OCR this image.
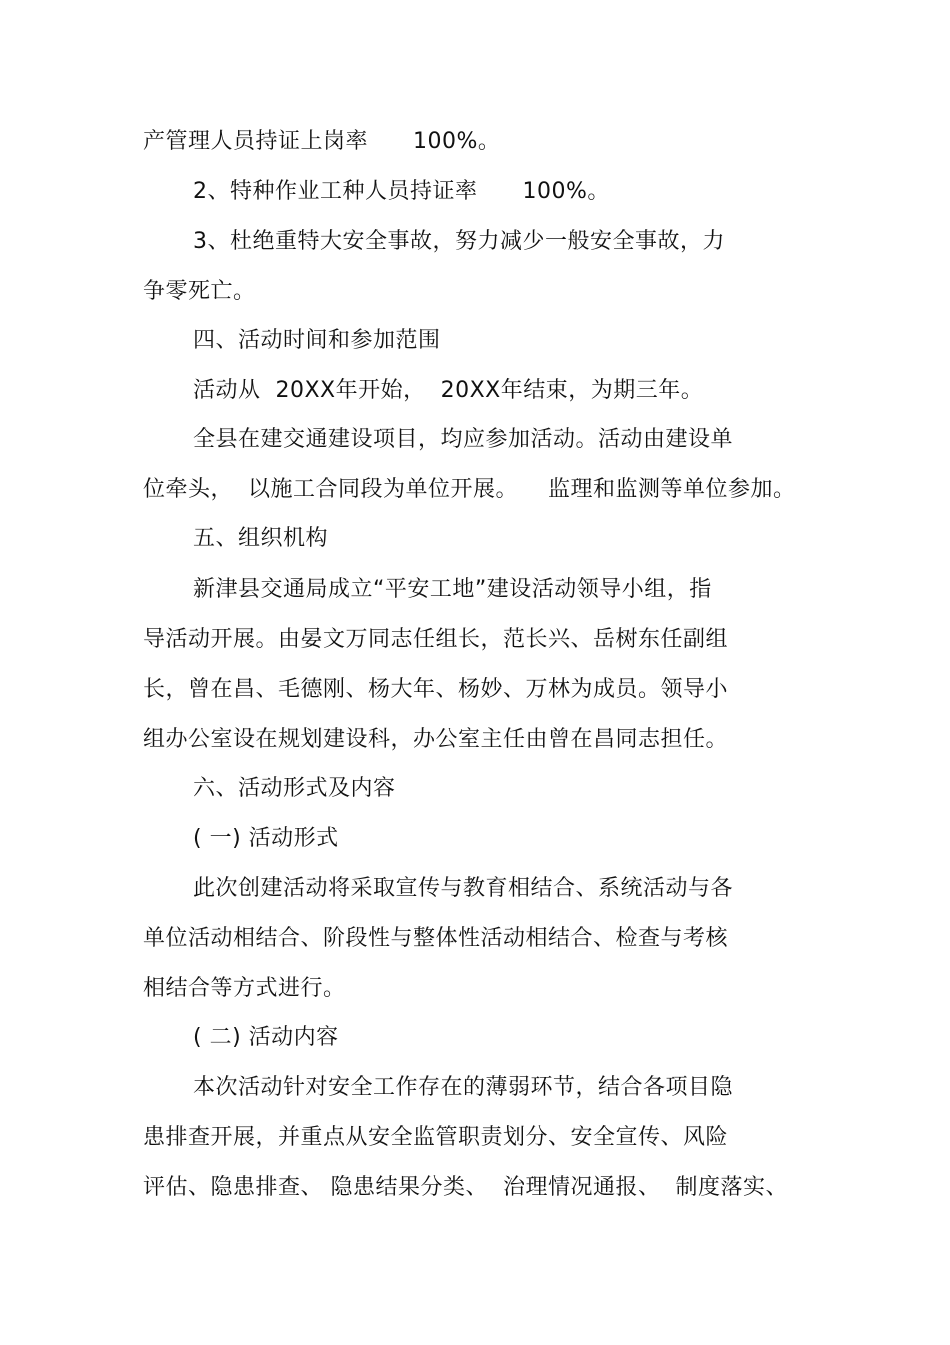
产管理人员持证上岗率　　100%。
2、特种作业工种人员持证率　　100%。
3、杜绝重特大安全事故，努力减少一般安全事故，力
争零死亡。
四、活动时间和参加范围
活动从  20XX年开始，  20XX年结束，为期三年。
全县在建交通建设项目，均应参加活动。活动由建设单
位牵头，  以施工合同段为单位开展。    监理和监测等单位参加。
五、组织机构
新津县交通局成立“平安工地”建设活动领导小组，指
导活动开展。由晏文万同志任组长，范长兴、岳树东任副组
长，曾在昌、毛德刚、杨大年、杨妙、万林为成员。领导小
组办公室设在规划建设科，办公室主任由曾在昌同志担任。
六、活动形式及内容
( 一) 活动形式
此次创建活动将采取宣传与教育相结合、系统活动与各
单位活动相结合、阶段性与整体性活动相结合、检查与考核
相结合等方式进行。
( 二) 活动内容
本次活动针对安全工作存在的薄弱环节，结合各项目隐
患排查开展，并重点从安全监管职责划分、安全宣传、风险
评估、隐患排查、 隐患结果分类、  治理情况通报、  制度落实、
